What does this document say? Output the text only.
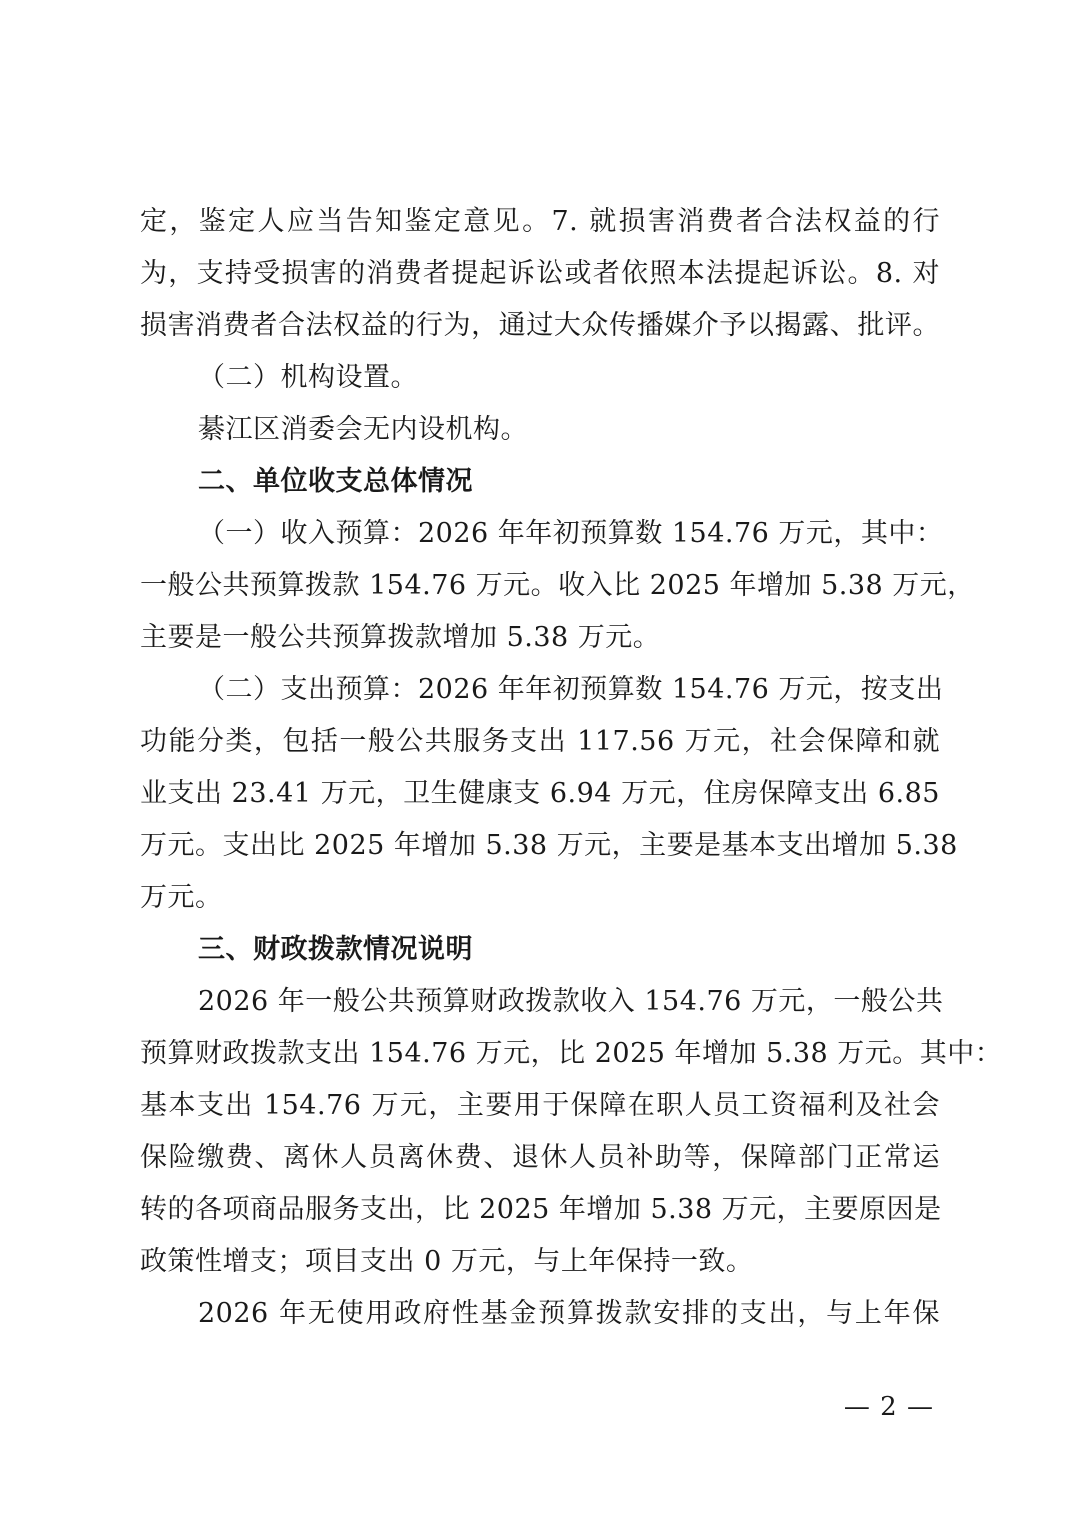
定，鉴定人应当告知鉴定意见。7. 就损害消费者合法权益的行
为，支持受损害的消费者提起诉讼或者依照本法提起诉讼。8. 对
损害消费者合法权益的行为，通过大众传播媒介予以揭露、批评。
（二）机构设置。
綦江区消委会无内设机构。
二、单位收支总体情况
（一）收入预算：2026 年年初预算数 154.76 万元，其中：
一般公共预算拨款 154.76 万元。收入比 2025 年增加 5.38 万元，
主要是一般公共预算拨款增加 5.38 万元。
（二）支出预算：2026 年年初预算数 154.76 万元，按支出
功能分类，包括一般公共服务支出 117.56 万元，社会保障和就
业支出 23.41 万元，卫生健康支 6.94 万元，住房保障支出 6.85
万元。支出比 2025 年增加 5.38 万元，主要是基本支出增加 5.38
万元。
三、财政拨款情况说明
2026 年一般公共预算财政拨款收入 154.76 万元，一般公共
预算财政拨款支出 154.76 万元，比 2025 年增加 5.38 万元。其中：
基本支出 154.76 万元，主要用于保障在职人员工资福利及社会
保险缴费、离休人员离休费、退休人员补助等，保障部门正常运
转的各项商品服务支出，比 2025 年增加 5.38 万元，主要原因是
政策性增支；项目支出 0 万元，与上年保持一致。
2026 年无使用政府性基金预算拨款安排的支出，与上年保
— 2 —
